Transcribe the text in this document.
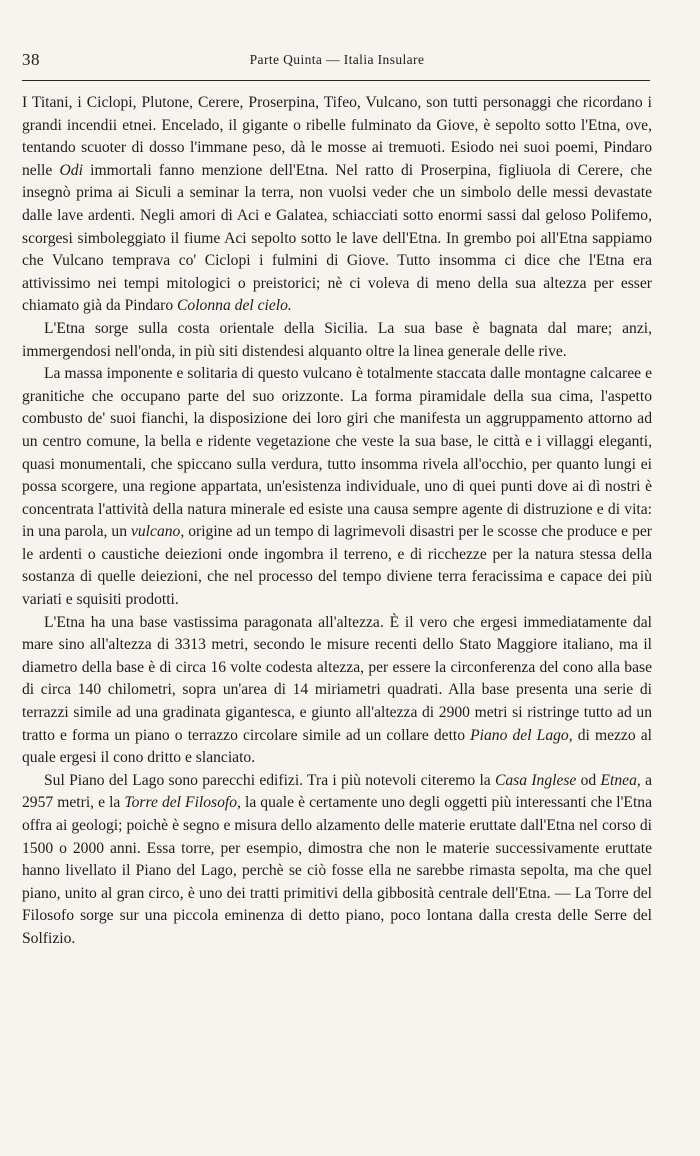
38	Parte Quinta — Italia Insulare

I Titani, i Ciclopi, Plutone, Cerere, Proserpina, Tifeo, Vulcano, son tutti personaggi che ricordano i grandi incendii etnei. Encelado, il gigante o ribelle fulminato da Giove, è sepolto sotto l'Etna, ove, tentando scuoter di dosso l'immane peso, dà le mosse ai tremuoti. Esiodo nei suoi poemi, Pindaro nelle Odi immortali fanno menzione dell'Etna. Nel ratto di Proserpina, figliuola di Cerere, che insegnò prima ai Siculi a seminar la terra, non vuolsi veder che un simbolo delle messi devastate dalle lave ardenti. Negli amori di Aci e Galatea, schiacciati sotto enormi sassi dal geloso Polifemo, scorgesi simboleggiato il fiume Aci sepolto sotto le lave dell'Etna. In grembo poi all'Etna sappiamo che Vulcano temprava co' Ciclopi i fulmini di Giove. Tutto insomma ci dice che l'Etna era attivissimo nei tempi mitologici o preistorici; nè ci voleva di meno della sua altezza per esser chiamato già da Pindaro Colonna del cielo.

L'Etna sorge sulla costa orientale della Sicilia. La sua base è bagnata dal mare; anzi, immergendosi nell'onda, in più siti distendesi alquanto oltre la linea generale delle rive.

La massa imponente e solitaria di questo vulcano è totalmente staccata dalle montagne calcaree e granitiche che occupano parte del suo orizzonte. La forma piramidale della sua cima, l'aspetto combusto de' suoi fianchi, la disposizione dei loro giri che manifesta un aggruppamento attorno ad un centro comune, la bella e ridente vegetazione che veste la sua base, le città e i villaggi eleganti, quasi monumentali, che spiccano sulla verdura, tutto insomma rivela all'occhio, per quanto lungi ei possa scorgere, una regione appartata, un'esistenza individuale, uno di quei punti dove ai dì nostri è concentrata l'attività della natura minerale ed esiste una causa sempre agente di distruzione e di vita: in una parola, un vulcano, origine ad un tempo di lagrimevoli disastri per le scosse che produce e per le ardenti o caustiche deiezioni onde ingombra il terreno, e di ricchezze per la natura stessa della sostanza di quelle deiezioni, che nel processo del tempo diviene terra feracissima e capace dei più variati e squisiti prodotti.

L'Etna ha una base vastissima paragonata all'altezza. È il vero che ergesi immediatamente dal mare sino all'altezza di 3313 metri, secondo le misure recenti dello Stato Maggiore italiano, ma il diametro della base è di circa 16 volte codesta altezza, per essere la circonferenza del cono alla base di circa 140 chilometri, sopra un'area di 14 miriametri quadrati. Alla base presenta una serie di terrazzi simile ad una gradinata gigantesca, e giunto all'altezza di 2900 metri si ristringe tutto ad un tratto e forma un piano o terrazzo circolare simile ad un collare detto Piano del Lago, di mezzo al quale ergesi il cono dritto e slanciato.

Sul Piano del Lago sono parecchi edifizi. Tra i più notevoli citeremo la Casa Inglese od Etnea, a 2957 metri, e la Torre del Filosofo, la quale è certamente uno degli oggetti più interessanti che l'Etna offra ai geologi; poichè è segno e misura dello alzamento delle materie eruttate dall'Etna nel corso di 1500 o 2000 anni. Essa torre, per esempio, dimostra che non le materie successivamente eruttate hanno livellato il Piano del Lago, perchè se ciò fosse ella ne sarebbe rimasta sepolta, ma che quel piano, unito al gran circo, è uno dei tratti primitivi della gibbosità centrale dell'Etna. — La Torre del Filosofo sorge sur una piccola eminenza di detto piano, poco lontana dalla cresta delle Serre del Solfizio.
